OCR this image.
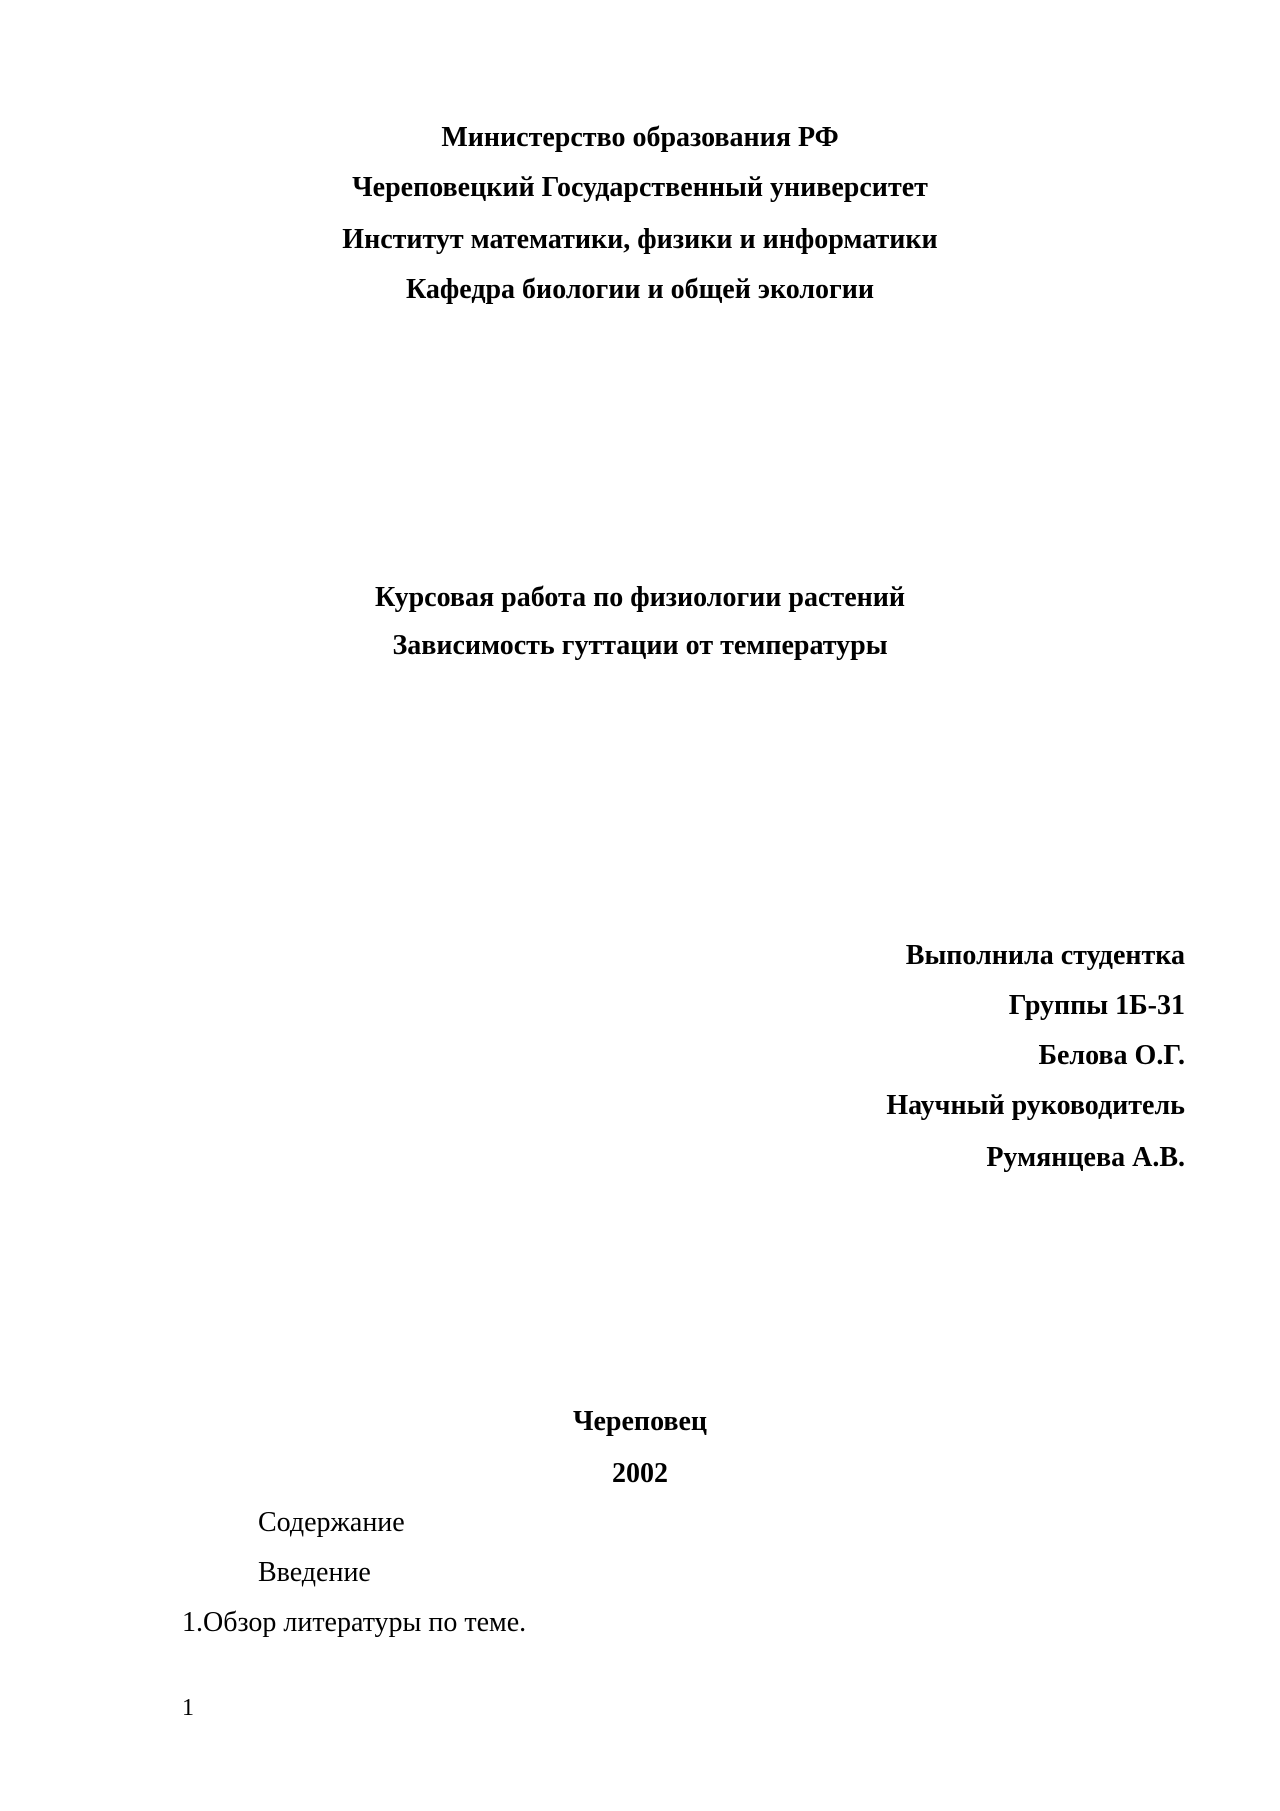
Министерство образования РФ
Череповецкий Государственный университет
Институт математики, физики и информатики
Кафедра биологии и общей экологии
Курсовая работа по физиологии растений
Зависимость гуттации от температуры
Выполнила студентка
Группы 1Б-31
Белова О.Г.
Научный руководитель
Румянцева А.В.
Череповец
2002
Содержание
Введение
1.Обзор литературы по теме.
1
